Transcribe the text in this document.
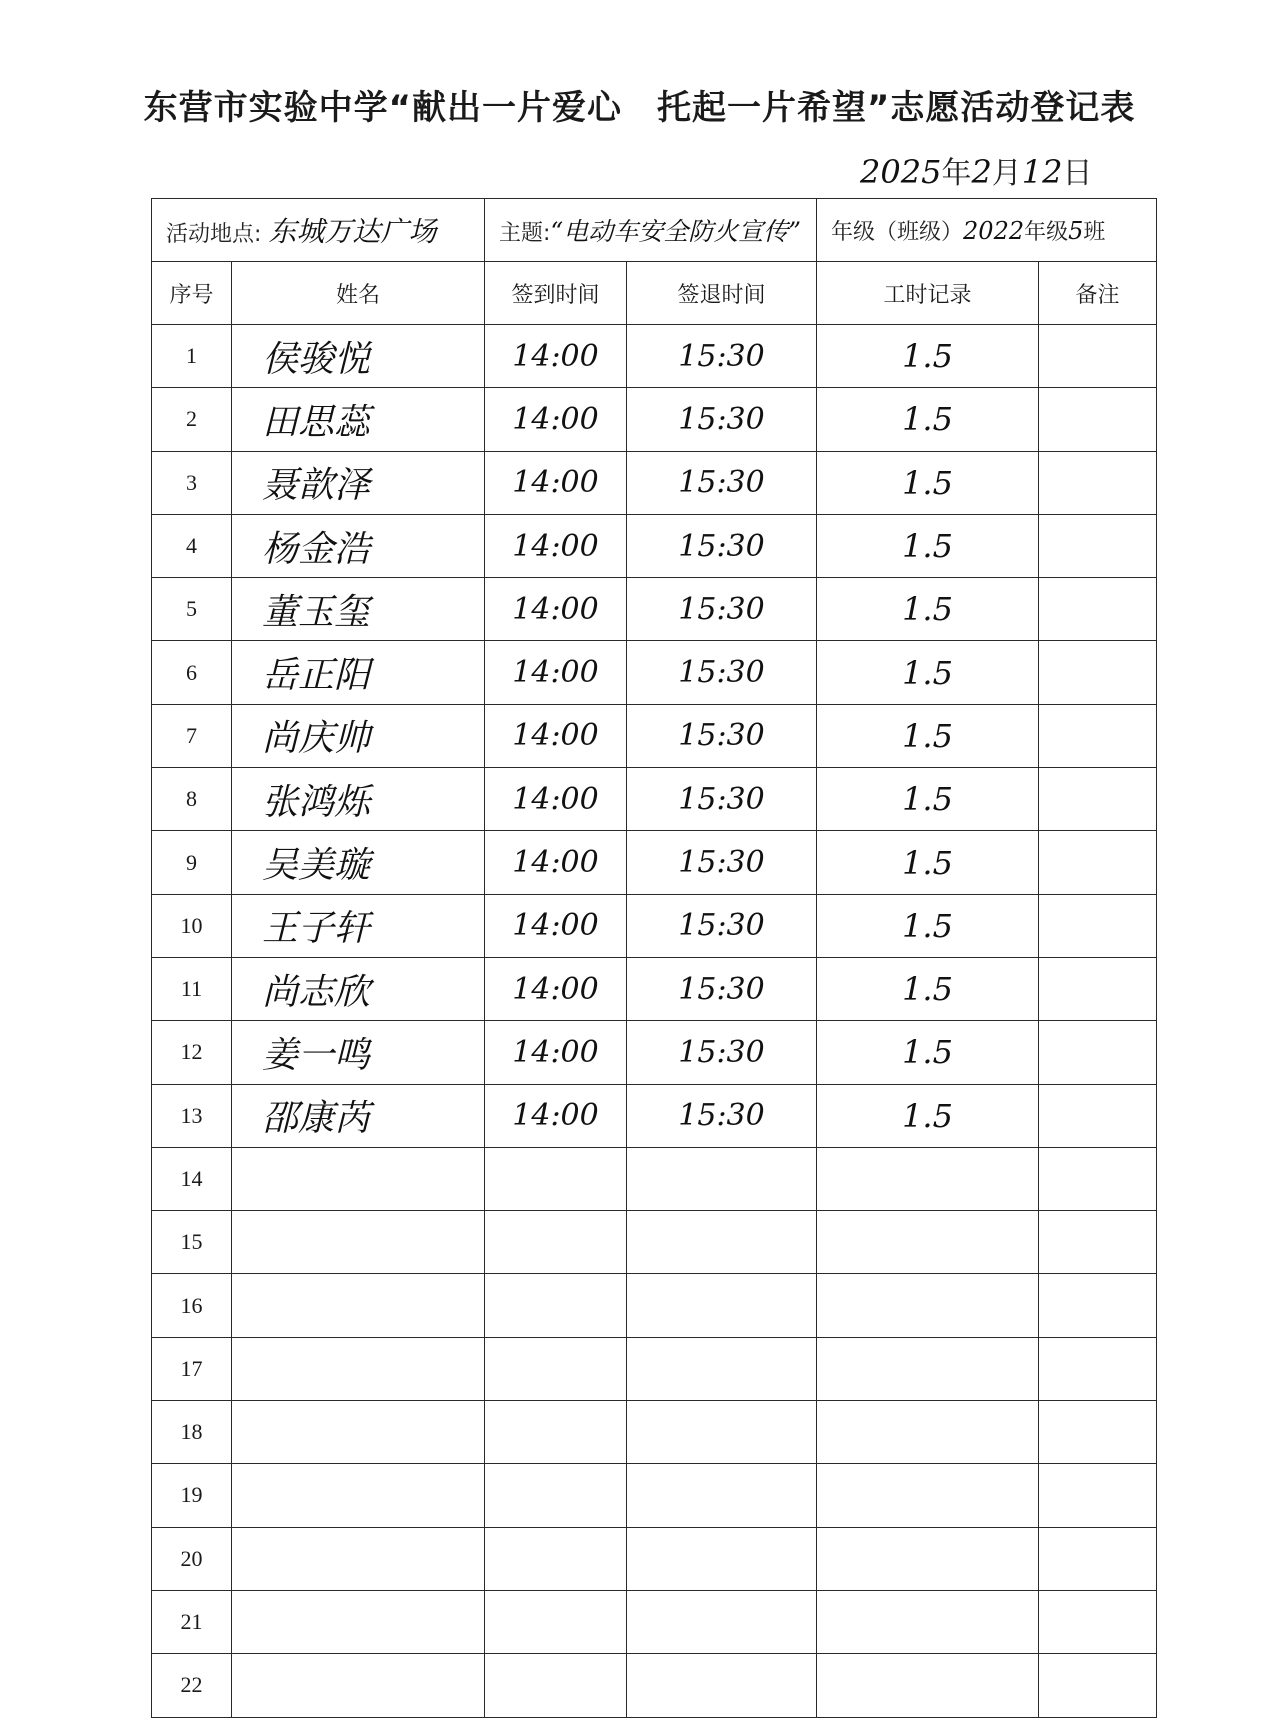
东营市实验中学“献出一片爱心　托起一片希望”志愿活动登记表
2025年2月12日
活动地点: 东城万达广场		主题:“电动车安全防火宣传”		年级（班级）2022年级5班	
序号	姓名	签到时间	签退时间	工时记录	备注
1	侯骏悦	14:00	15:30	1.5	
2	田思蕊	14:00	15:30	1.5	
3	聂歆泽	14:00	15:30	1.5	
4	杨金浩	14:00	15:30	1.5	
5	董玉玺	14:00	15:30	1.5	
6	岳正阳	14:00	15:30	1.5	
7	尚庆帅	14:00	15:30	1.5	
8	张鸿烁	14:00	15:30	1.5	
9	吴美璇	14:00	15:30	1.5	
10	王子轩	14:00	15:30	1.5	
11	尚志欣	14:00	15:30	1.5	
12	姜一鸣	14:00	15:30	1.5	
13	邵康芮	14:00	15:30	1.5	
14					
15					
16					
17					
18					
19					
20					
21					
22					
